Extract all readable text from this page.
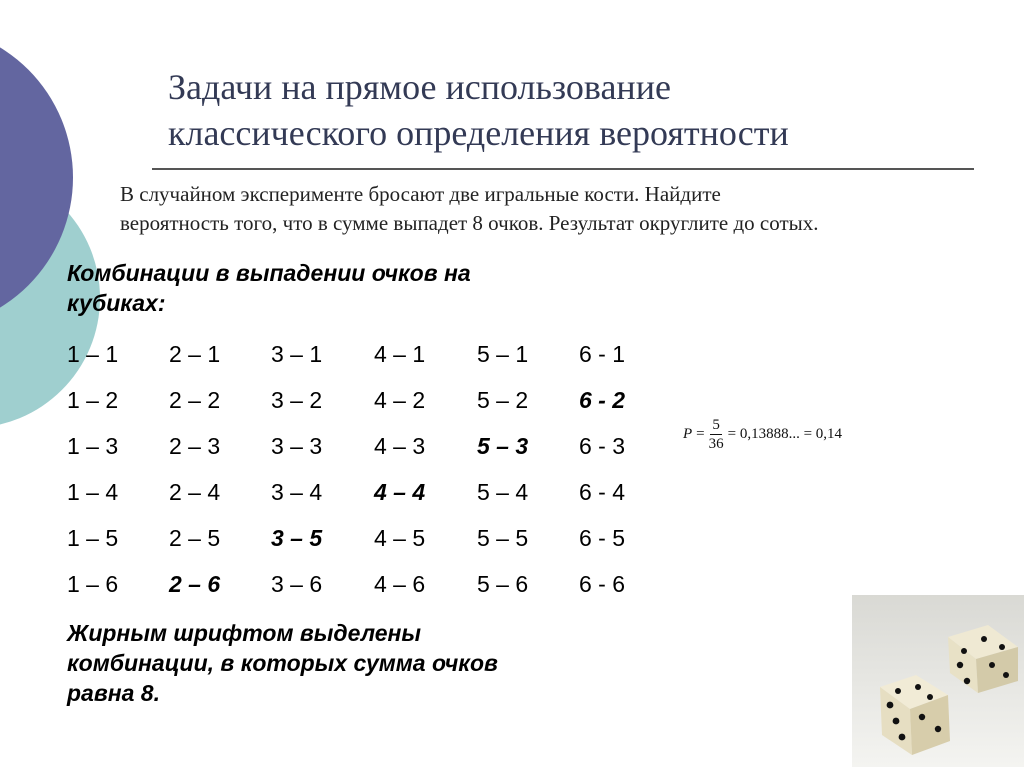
Задачи на прямое использование
классического определения вероятности
В случайном эксперименте бросают две игральные кости. Найдите
вероятность того, что в сумме выпадет 8 очков. Результат округлите до сотых.
Комбинации в выпадении очков на
кубиках:
1 – 1 2 – 1 3 – 1 4 – 1 5 – 1 6 - 1
1 – 2 2 – 2 3 – 2 4 – 2 5 – 2 6 - 2
1 – 3 2 – 3 3 – 3 4 – 3 5 – 3 6 - 3
1 – 4 2 – 4 3 – 4 4 – 4 5 – 4 6 - 4
1 – 5 2 – 5 3 – 5 4 – 5 5 – 5 6 - 5
1 – 6 2 – 6 3 – 6 4 – 6 5 – 6 6 - 6
$P = \frac{5}{36} = 0,13888$... = 0,14
Жирным шрифтом выделены
комбинации, в которых сумма очков
равна 8.
